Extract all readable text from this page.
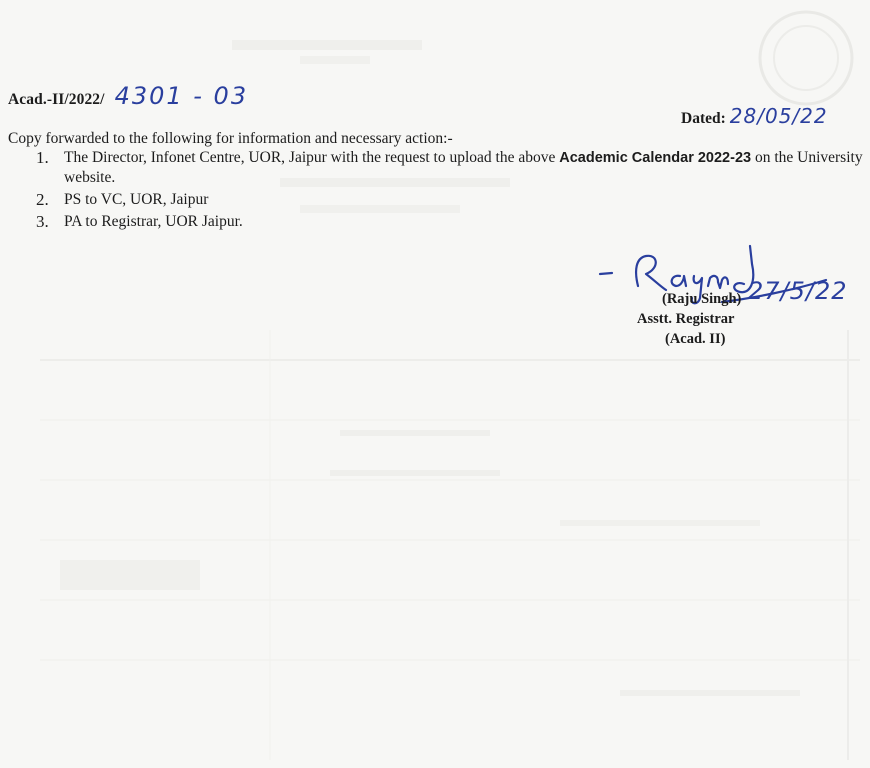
Acad.-II/2022/ 4301 - 03
Dated: 28/05/22
Copy forwarded to the following for information and necessary action:-
1. The Director, Infonet Centre, UOR, Jaipur with the request to upload the above Academic Calendar 2022-23 on the University website.
2. PS to VC, UOR, Jaipur
3. PA to Registrar, UOR Jaipur.
27/5/22
(Raju Singh)
Asstt. Registrar
(Acad. II)
